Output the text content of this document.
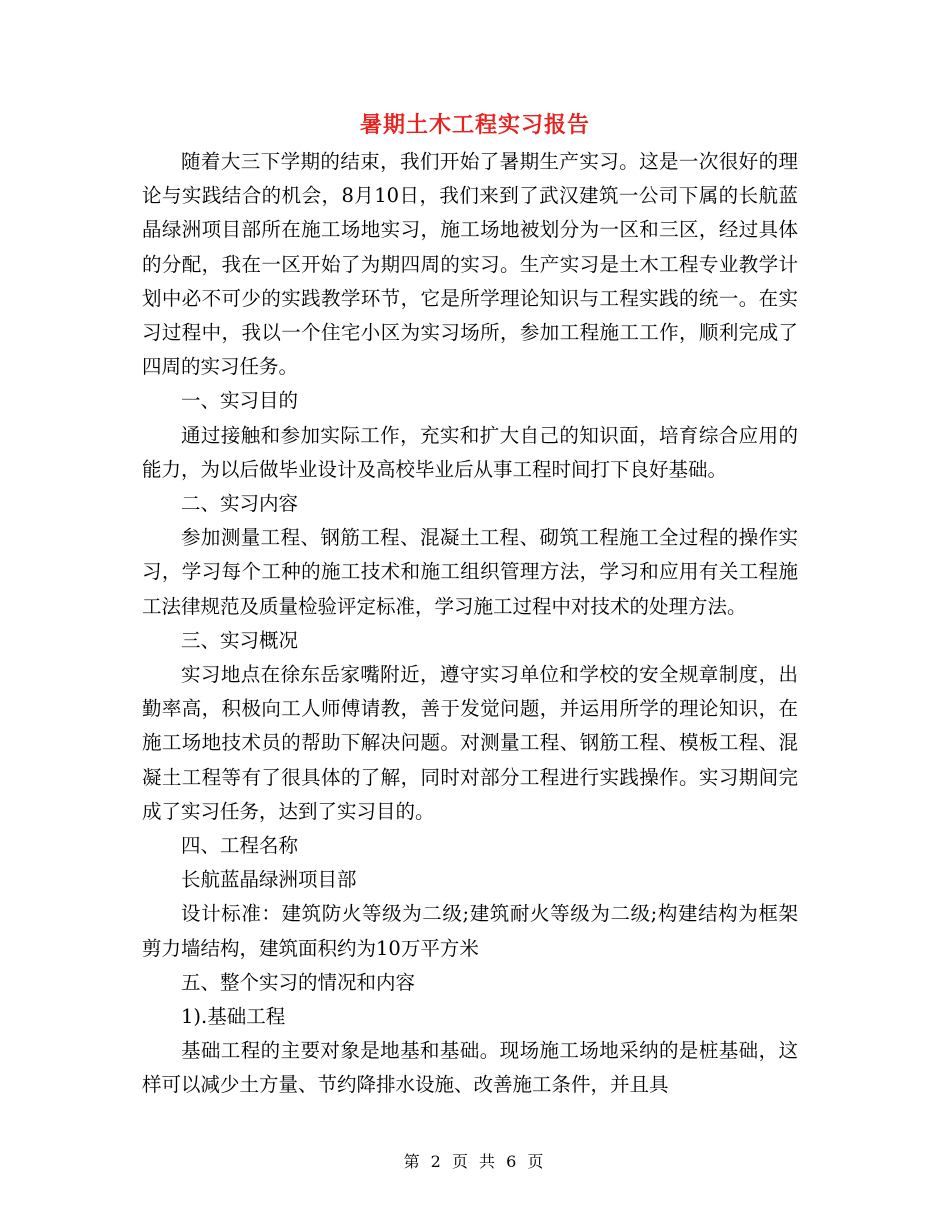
暑期土木工程实习报告

随着大三下学期的结束，我们开始了暑期生产实习。这是一次很好的理论与实践结合的机会，8月10日，我们来到了武汉建筑一公司下属的长航蓝晶绿洲项目部所在施工场地实习，施工场地被划分为一区和三区，经过具体的分配，我在一区开始了为期四周的实习。生产实习是土木工程专业教学计划中必不可少的实践教学环节，它是所学理论知识与工程实践的统一。在实习过程中，我以一个住宅小区为实习场所，参加工程施工工作，顺利完成了四周的实习任务。

一、实习目的

通过接触和参加实际工作，充实和扩大自己的知识面，培育综合应用的能力，为以后做毕业设计及高校毕业后从事工程时间打下良好基础。

二、实习内容

参加测量工程、钢筋工程、混凝土工程、砌筑工程施工全过程的操作实习，学习每个工种的施工技术和施工组织管理方法，学习和应用有关工程施工法律规范及质量检验评定标准，学习施工过程中对技术的处理方法。

三、实习概况

实习地点在徐东岳家嘴附近，遵守实习单位和学校的安全规章制度，出勤率高，积极向工人师傅请教，善于发觉问题，并运用所学的理论知识，在施工场地技术员的帮助下解决问题。对测量工程、钢筋工程、模板工程、混凝土工程等有了很具体的了解，同时对部分工程进行实践操作。实习期间完成了实习任务，达到了实习目的。

四、工程名称

长航蓝晶绿洲项目部

设计标准：建筑防火等级为二级;建筑耐火等级为二级;构建结构为框架剪力墙结构，建筑面积约为10万平方米

五、整个实习的情况和内容

1).基础工程

基础工程的主要对象是地基和基础。现场施工场地采纳的是桩基础，这样可以减少土方量、节约降排水设施、改善施工条件，并且具

第 2 页 共 6 页
